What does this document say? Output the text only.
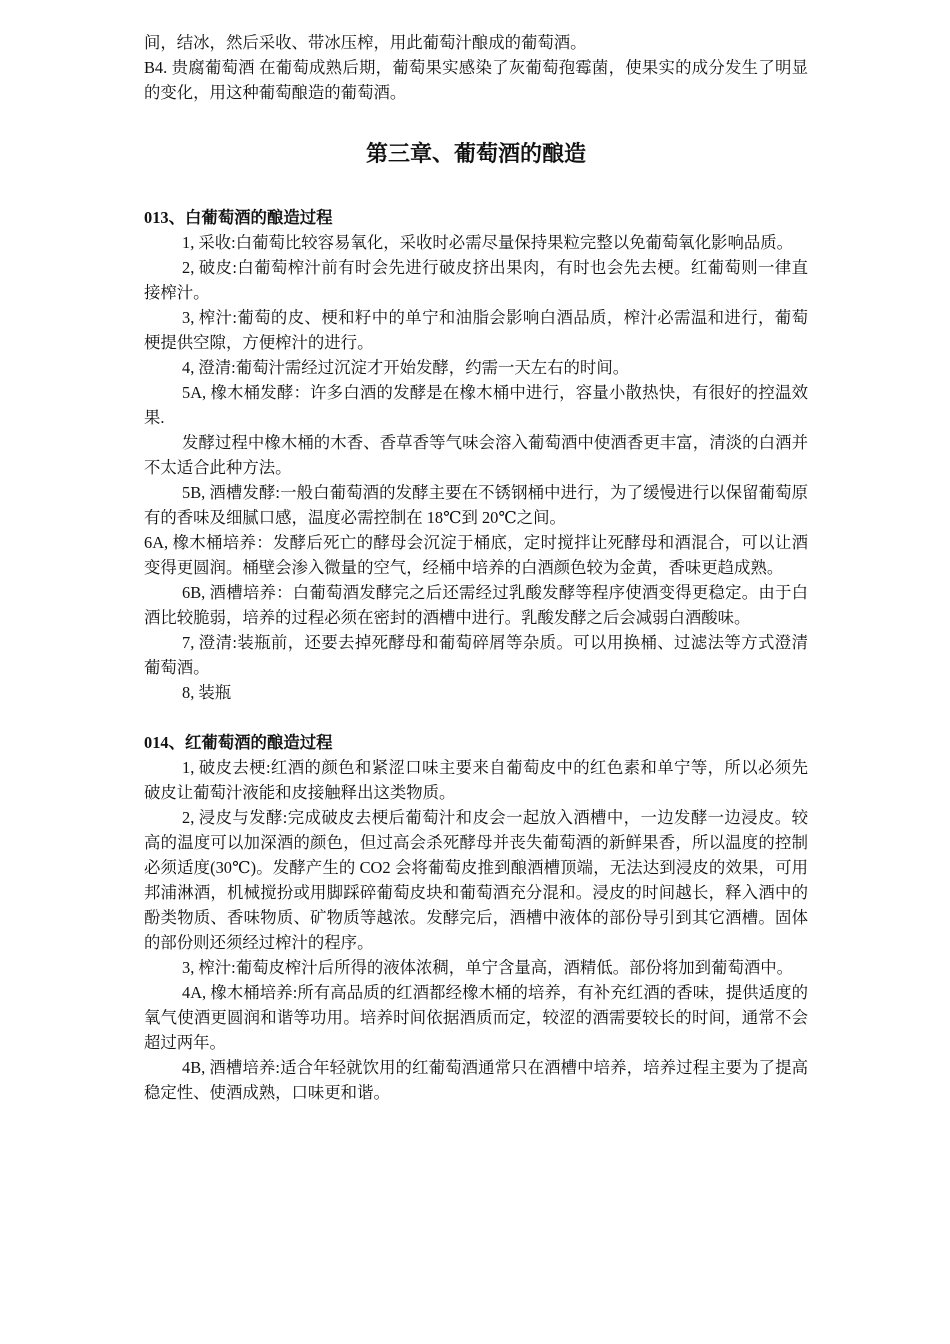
间，结冰，然后采收、带冰压榨，用此葡萄汁酿成的葡萄酒。

B4. 贵腐葡萄酒 在葡萄成熟后期，葡萄果实感染了灰葡萄孢霉菌，使果实的成分发生了明显的变化，用这种葡萄酿造的葡萄酒。

第三章、葡萄酒的酿造
013、白葡萄酒的酿造过程

1, 采收:白葡萄比较容易氧化，采收时必需尽量保持果粒完整以免葡萄氧化影响品质。

2, 破皮:白葡萄榨汁前有时会先进行破皮挤出果肉，有时也会先去梗。红葡萄则一律直接榨汁。

3, 榨汁:葡萄的皮、梗和籽中的单宁和油脂会影响白酒品质，榨汁必需温和进行，葡萄梗提供空隙，方便榨汁的进行。

4, 澄清:葡萄汁需经过沉淀才开始发酵，约需一天左右的时间。

5A, 橡木桶发酵：许多白酒的发酵是在橡木桶中进行，容量小散热快，有很好的控温效果.

发酵过程中橡木桶的木香、香草香等气味会溶入葡萄酒中使酒香更丰富，清淡的白酒并不太适合此种方法。

5B, 酒槽发酵:一般白葡萄酒的发酵主要在不锈钢桶中进行，为了缓慢进行以保留葡萄原有的香味及细腻口感，温度必需控制在 18℃到 20℃之间。

6A, 橡木桶培养：发酵后死亡的酵母会沉淀于桶底，定时搅拌让死酵母和酒混合，可以让酒变得更圆润。桶壁会渗入微量的空气，经桶中培养的白酒颜色较为金黄，香味更趋成熟。

6B, 酒槽培养：白葡萄酒发酵完之后还需经过乳酸发酵等程序使酒变得更稳定。由于白酒比较脆弱，培养的过程必须在密封的酒槽中进行。乳酸发酵之后会减弱白酒酸味。

7, 澄清:装瓶前，还要去掉死酵母和葡萄碎屑等杂质。可以用换桶、过滤法等方式澄清葡萄酒。

8, 装瓶

014、红葡萄酒的酿造过程

1, 破皮去梗:红酒的颜色和紧涩口味主要来自葡萄皮中的红色素和单宁等，所以必须先破皮让葡萄汁液能和皮接触释出这类物质。

2, 浸皮与发酵:完成破皮去梗后葡萄汁和皮会一起放入酒槽中，一边发酵一边浸皮。较高的温度可以加深酒的颜色，但过高会杀死酵母并丧失葡萄酒的新鲜果香，所以温度的控制必须适度(30℃)。发酵产生的 CO2 会将葡萄皮推到酿酒槽顶端，无法达到浸皮的效果，可用邦浦淋酒，机械搅扮或用脚踩碎葡萄皮块和葡萄酒充分混和。浸皮的时间越长，释入酒中的酚类物质、香味物质、矿物质等越浓。发酵完后，酒槽中液体的部份导引到其它酒槽。固体的部份则还须经过榨汁的程序。

3, 榨汁:葡萄皮榨汁后所得的液体浓稠，单宁含量高，酒精低。部份将加到葡萄酒中。

4A, 橡木桶培养:所有高品质的红酒都经橡木桶的培养，有补充红酒的香味，提供适度的氧气使酒更圆润和谐等功用。培养时间依据酒质而定，较涩的酒需要较长的时间，通常不会超过两年。

4B, 酒槽培养:适合年轻就饮用的红葡萄酒通常只在酒槽中培养，培养过程主要为了提高稳定性、使酒成熟，口味更和谐。
